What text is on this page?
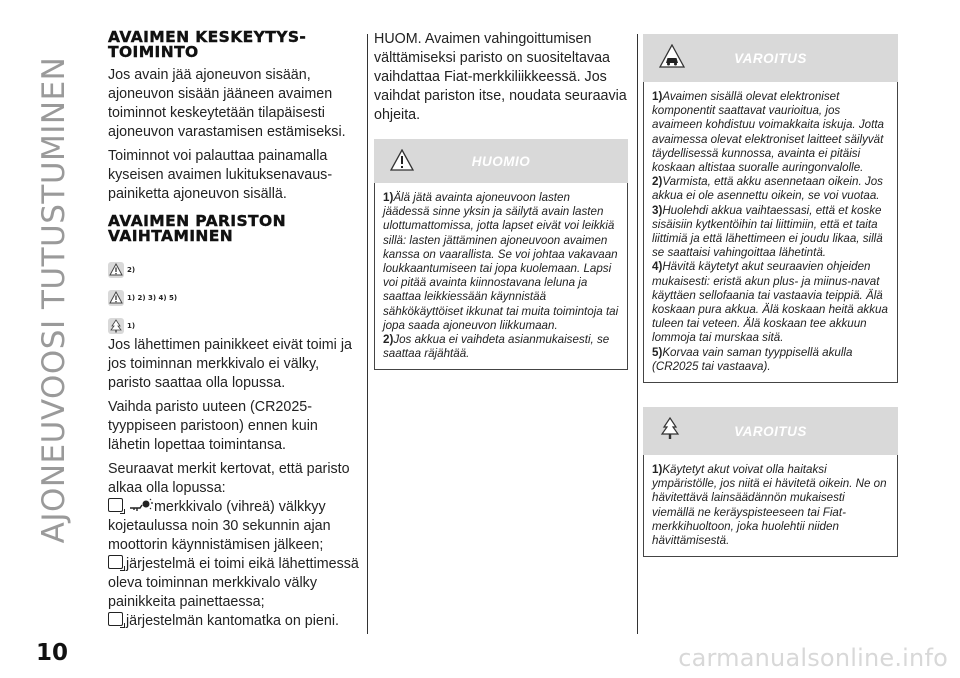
AJONEUVOOSI TUTUSTUMINEN
AVAIMEN KESKEYTYS-
TOIMINTO

Jos avain jää ajoneuvon sisään, ajoneuvon sisään jääneen avaimen toiminnot keskeytetään tilapäisesti ajoneuvon varastamisen estämiseksi.

Toiminnot voi palauttaa painamalla kyseisen avaimen lukituksenavaus-painiketta ajoneuvon sisällä.

AVAIMEN PARISTON
VAIHTAMINEN
2)
1) 2) 3) 4) 5)
1)

Jos lähettimen painikkeet eivät toimi ja jos toiminnan merkkivalo ei välky, paristo saattaa olla lopussa.

Vaihda paristo uuteen (CR2025-tyyppiseen paristoon) ennen kuin lähetin lopettaa toimintansa.

Seuraavat merkit kertovat, että paristo alkaa olla lopussa:

merkkivalo (vihreä) välkkyy kojetaulussa noin 30 sekunnin ajan moottorin käynnistämisen jälkeen;
järjestelmä ei toimi eikä lähettimessä oleva toiminnan merkkivalo välky painikkeita painettaessa;
järjestelmän kantomatka on pieni.

HUOM. Avaimen vahingoittumisen välttämiseksi paristo on suositeltavaa vaihdattaa Fiat-merkkiliikkeessä. Jos vaihdat pariston itse, noudata seuraavia ohjeita.

HUOMIO
1)Älä jätä avainta ajoneuvoon lasten jäädessä sinne yksin ja säilytä avain lasten ulottumattomissa, jotta lapset eivät voi leikkiä sillä: lasten jättäminen ajoneuvoon avaimen kanssa on vaarallista. Se voi johtaa vakavaan loukkaantumiseen tai jopa kuolemaan. Lapsi voi pitää avainta kiinnostavana leluna ja saattaa leikkiessään käynnistää sähkökäyttöiset ikkunat tai muita toimintoja tai jopa saada ajoneuvon liikkumaan.
2)Jos akkua ei vaihdeta asianmukaisesti, se saattaa räjähtää.
VAROITUS
1)Avaimen sisällä olevat elektroniset komponentit saattavat vaurioitua, jos avaimeen kohdistuu voimakkaita iskuja. Jotta avaimessa olevat elektroniset laitteet säilyvät täydellisessä kunnossa, avainta ei pitäisi koskaan altistaa suoralle auringonvalolle.
2)Varmista, että akku asennetaan oikein. Jos akkua ei ole asennettu oikein, se voi vuotaa.
3)Huolehdi akkua vaihtaessasi, että et koske sisäisiin kytkentöihin tai liittimiin, että et taita liittimiä ja että lähettimeen ei joudu likaa, sillä se saattaisi vahingoittaa lähetintä.
4)Hävitä käytetyt akut seuraavien ohjeiden mukaisesti: eristä akun plus- ja miinus-navat käyttäen sellofaania tai vastaavia teippiä. Älä koskaan pura akkua. Älä koskaan heitä akkua tuleen tai veteen. Älä koskaan tee akkuun lommoja tai murskaa sitä.
5)Korvaa vain saman tyyppisellä akulla (CR2025 tai vastaava).
VAROITUS
1)Käytetyt akut voivat olla haitaksi ympäristölle, jos niitä ei hävitetä oikein. Ne on hävitettävä lainsäädännön mukaisesti viemällä ne keräyspisteeseen tai Fiat-merkkihuoltoon, joka huolehtii niiden hävittämisestä.
10	carmanualsonline.info
